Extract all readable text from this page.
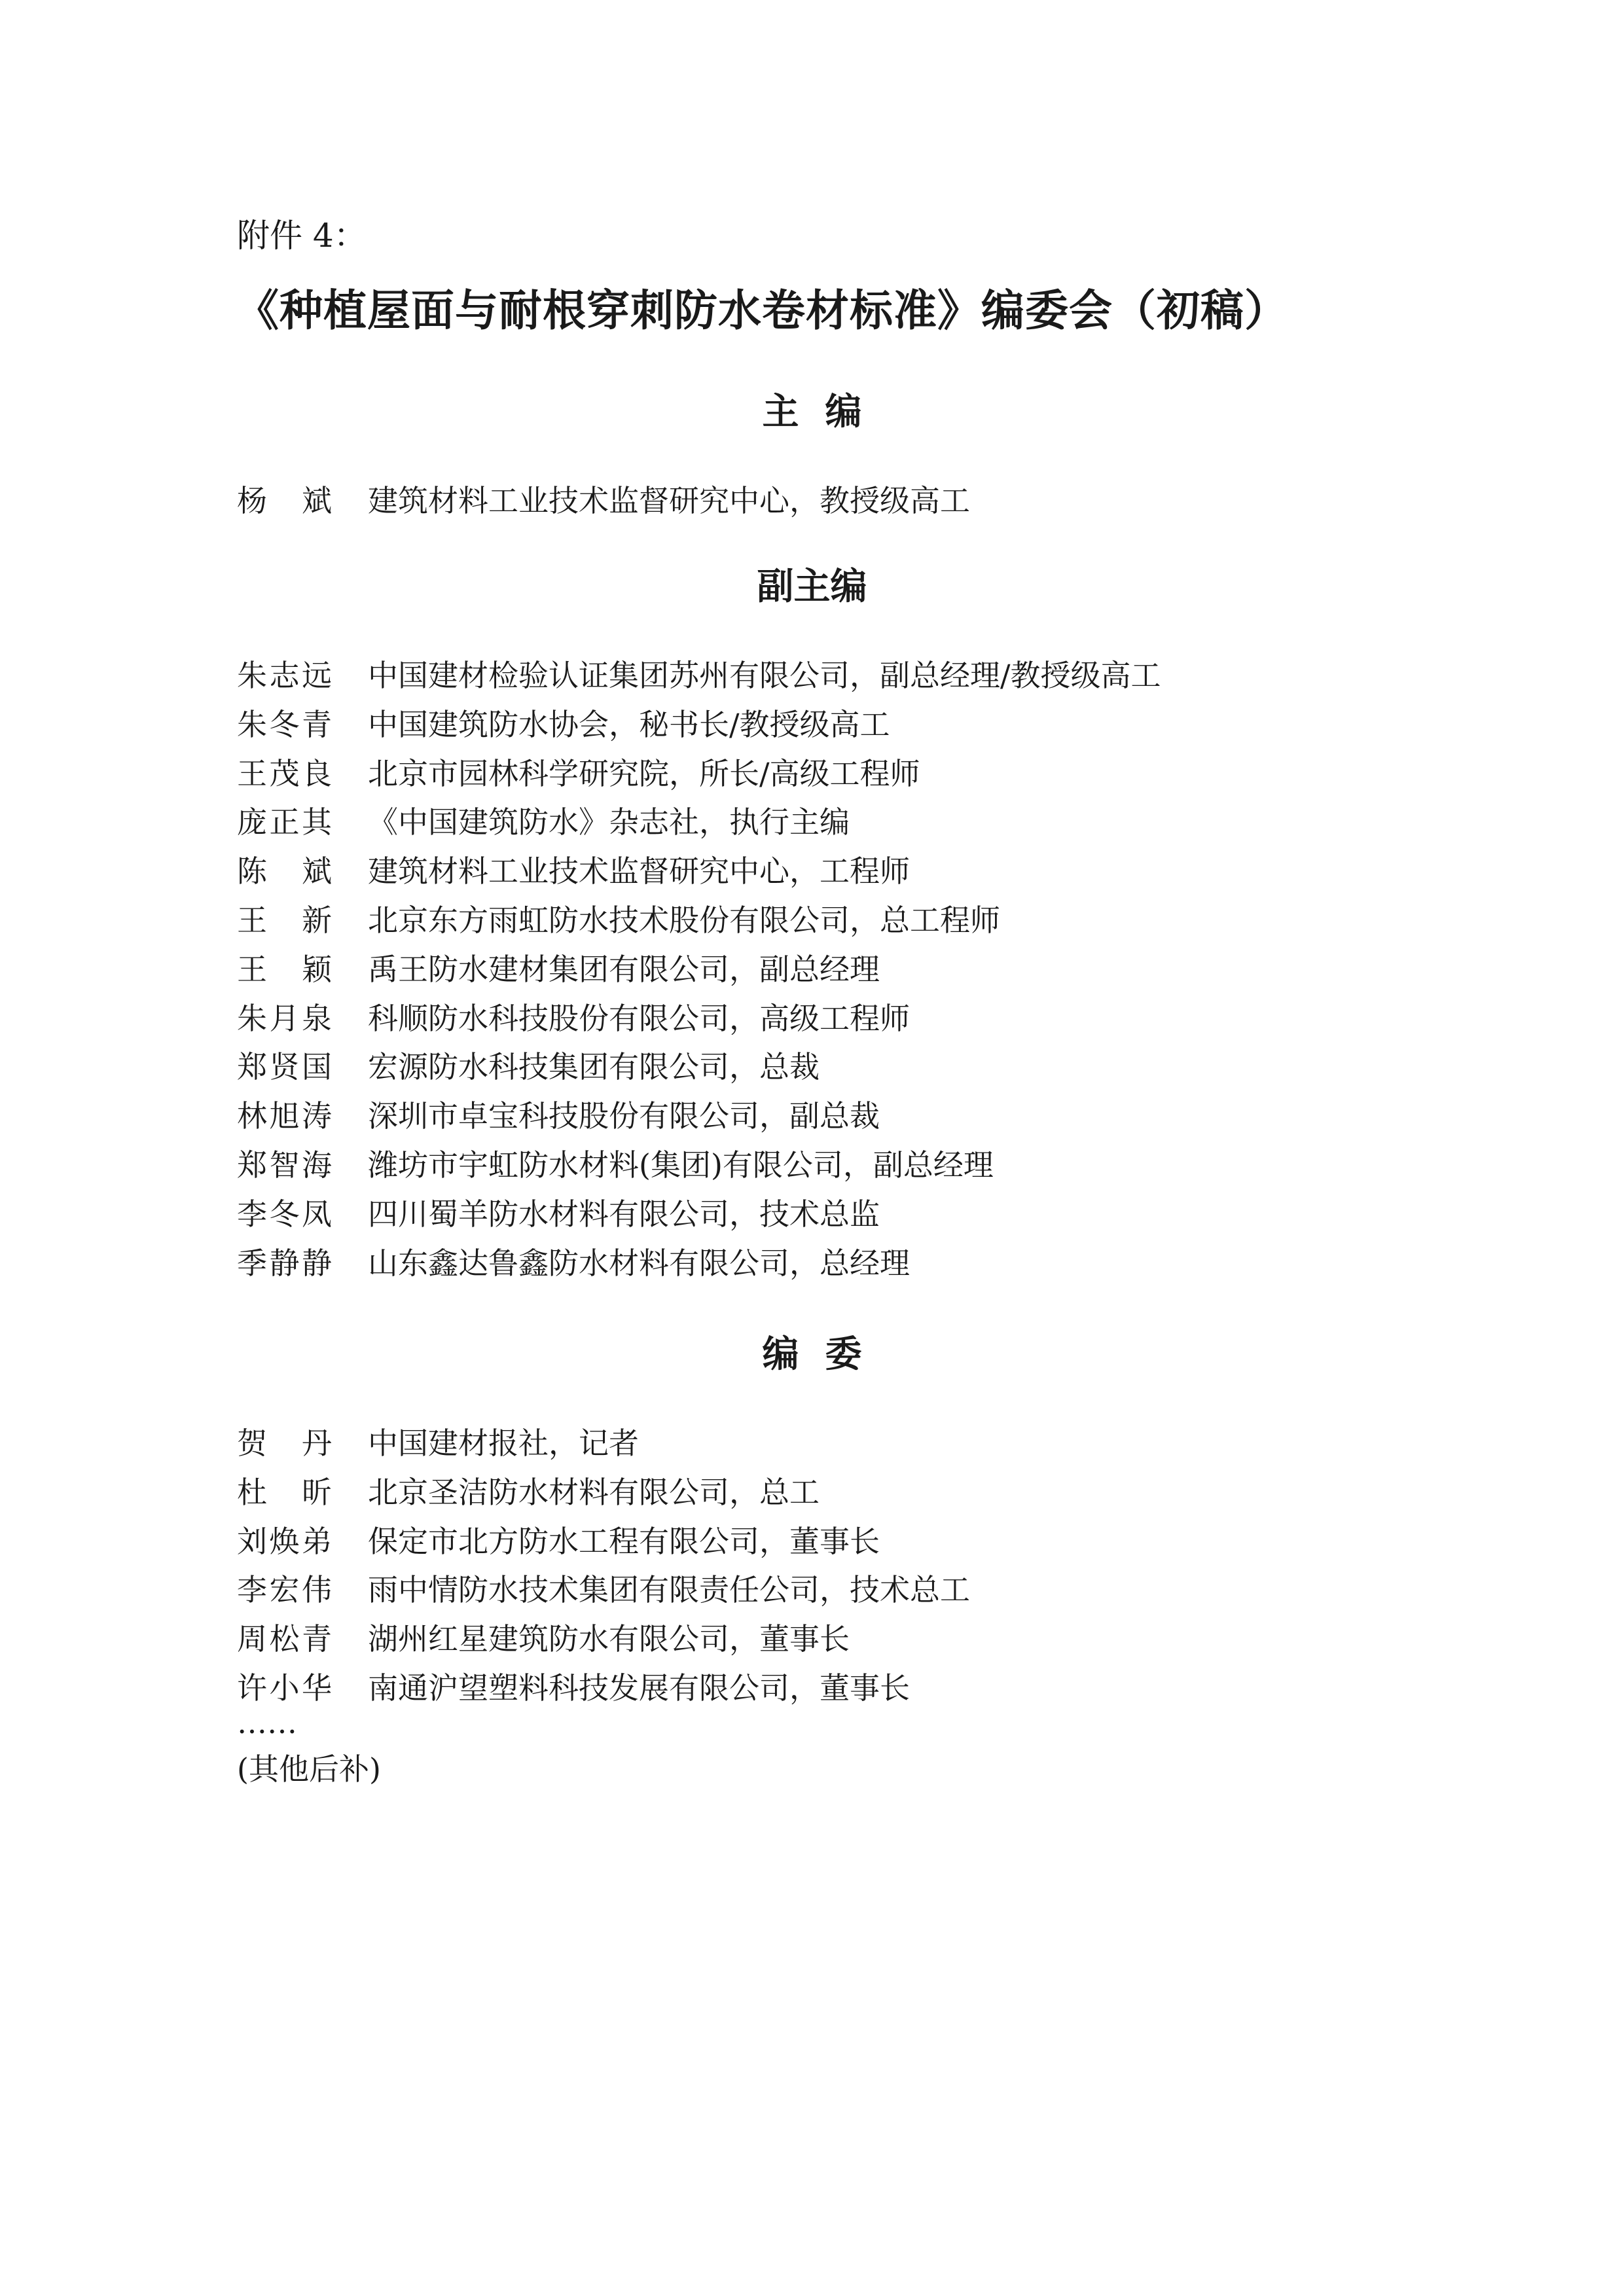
附件 4：
《种植屋面与耐根穿刺防水卷材标准》编委会（初稿）
主编
杨斌 建筑材料工业技术监督研究中心，教授级高工
副主编
朱志远 中国建材检验认证集团苏州有限公司，副总经理/教授级高工
朱冬青 中国建筑防水协会，秘书长/教授级高工
王茂良 北京市园林科学研究院，所长/高级工程师
庞正其 《中国建筑防水》杂志社，执行主编
陈斌 建筑材料工业技术监督研究中心，工程师
王新 北京东方雨虹防水技术股份有限公司，总工程师
王颖 禹王防水建材集团有限公司，副总经理
朱月泉 科顺防水科技股份有限公司，高级工程师
郑贤国 宏源防水科技集团有限公司，总裁
林旭涛 深圳市卓宝科技股份有限公司，副总裁
郑智海 潍坊市宇虹防水材料(集团)有限公司，副总经理
李冬凤 四川蜀羊防水材料有限公司，技术总监
季静静 山东鑫达鲁鑫防水材料有限公司，总经理
编委
贺丹 中国建材报社，记者
杜昕 北京圣洁防水材料有限公司，总工
刘焕弟 保定市北方防水工程有限公司，董事长
李宏伟 雨中情防水技术集团有限责任公司，技术总工
周松青 湖州红星建筑防水有限公司，董事长
许小华 南通沪望塑料科技发展有限公司，董事长
……
(其他后补)
